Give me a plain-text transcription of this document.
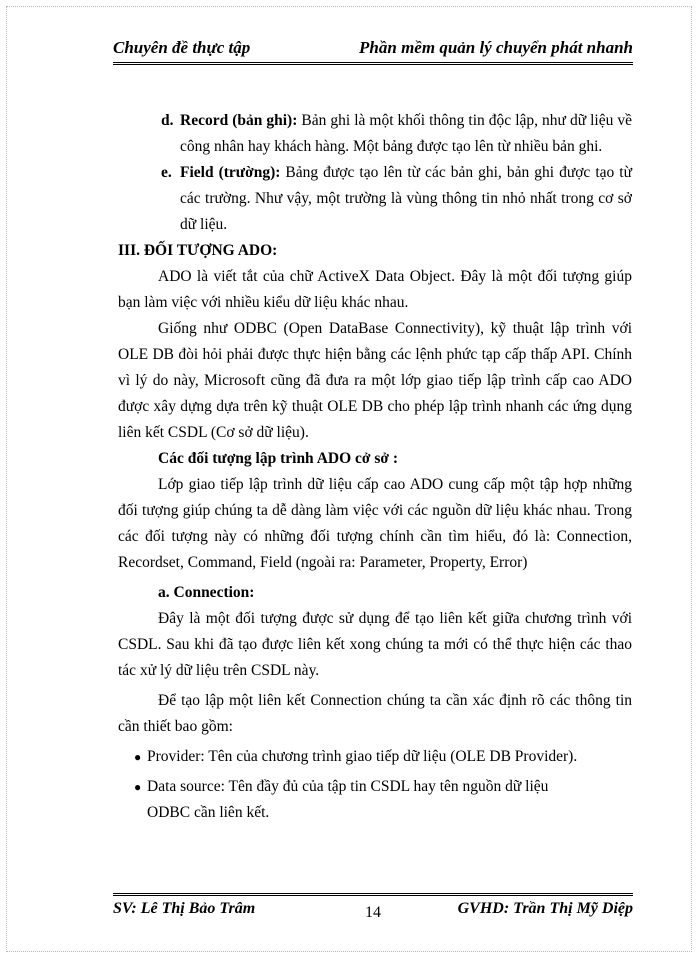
Chuyên đề thực tập	Phần mềm quản lý chuyển phát nhanh
d. Record (bản ghi): Bản ghi là một khối thông tin độc lập, như dữ liệu về công nhân hay khách hàng. Một bảng được tạo lên từ nhiều bản ghi.
e. Field (trường): Bảng được tạo lên từ các bản ghi, bản ghi được tạo từ các trường. Như vậy, một trường là vùng thông tin nhỏ nhất trong cơ sở dữ liệu.

III. ĐỐI TƯỢNG ADO:

ADO là viết tắt của chữ ActiveX Data Object. Đây là một đối tượng giúp bạn làm việc với nhiều kiểu dữ liệu khác nhau.

Giống như ODBC (Open DataBase Connectivity), kỹ thuật lập trình với OLE DB đòi hỏi phải được thực hiện bằng các lệnh phức tạp cấp thấp API. Chính vì lý do này, Microsoft cũng đã đưa ra một lớp giao tiếp lập trình cấp cao ADO được xây dựng dựa trên kỹ thuật OLE DB cho phép lập trình nhanh các ứng dụng liên kết CSDL (Cơ sở dữ liệu).

Các đối tượng lập trình ADO cở sở :

Lớp giao tiếp lập trình dữ liệu cấp cao ADO cung cấp một tập hợp những đối tượng giúp chúng ta dễ dàng làm việc với các nguồn dữ liệu khác nhau. Trong các đối tượng này có những đối tượng chính cần tìm hiểu, đó là: Connection, Recordset, Command, Field (ngoài ra: Parameter, Property, Error)

a. Connection:

Đây là một đối tượng được sử dụng để tạo liên kết giữa chương trình với CSDL. Sau khi đã tạo được liên kết xong chúng ta mới có thể thực hiện các thao tác xử lý dữ liệu trên CSDL này.

Để tạo lập một liên kết Connection chúng ta cần xác định rõ các thông tin cần thiết bao gồm:

● Provider: Tên của chương trình giao tiếp dữ liệu (OLE DB Provider).
● Data source: Tên đầy đủ của tập tin CSDL hay tên nguồn dữ liệu ODBC cần liên kết.
SV: Lê Thị Bảo Trâm	14	GVHD: Trần Thị Mỹ Diệp
